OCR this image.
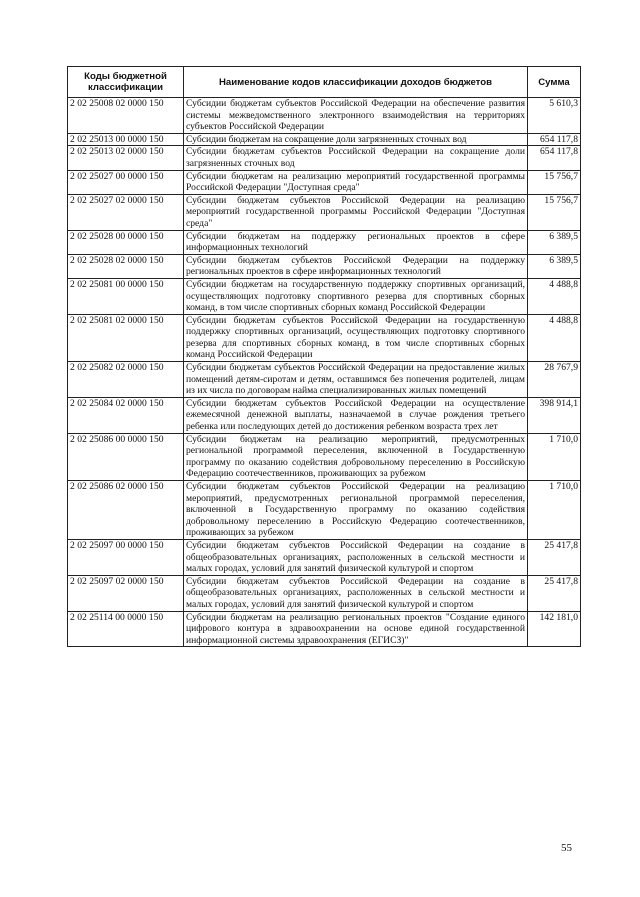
Коды бюджетной классификации	Наименование кодов классификации доходов бюджетов	Сумма
2 02 25008 02 0000 150	Субсидии бюджетам субъектов Российской Федерации на обеспечение развития системы межведомственного электронного взаимодействия на территориях субъектов Российской Федерации	5 610,3
2 02 25013 00 0000 150	Субсидии бюджетам на сокращение доли загрязненных сточных вод	654 117,8
2 02 25013 02 0000 150	Субсидии бюджетам субъектов Российской Федерации на сокращение доли загрязненных сточных вод	654 117,8
2 02 25027 00 0000 150	Субсидии бюджетам на реализацию мероприятий государственной программы Российской Федерации "Доступная среда"	15 756,7
2 02 25027 02 0000 150	Субсидии бюджетам субъектов Российской Федерации на реализацию мероприятий государственной программы Российской Федерации "Доступная среда"	15 756,7
2 02 25028 00 0000 150	Субсидии бюджетам на поддержку региональных проектов в сфере информационных технологий	6 389,5
2 02 25028 02 0000 150	Субсидии бюджетам субъектов Российской Федерации на поддержку региональных проектов в сфере информационных технологий	6 389,5
2 02 25081 00 0000 150	Субсидии бюджетам на государственную поддержку спортивных организаций, осуществляющих подготовку спортивного резерва для спортивных сборных команд, в том числе спортивных сборных команд Российской Федерации	4 488,8
2 02 25081 02 0000 150	Субсидии бюджетам субъектов Российской Федерации на государственную поддержку спортивных организаций, осуществляющих подготовку спортивного резерва для спортивных сборных команд, в том числе спортивных сборных команд Российской Федерации	4 488,8
2 02 25082 02 0000 150	Субсидии бюджетам субъектов Российской Федерации на предоставление жилых помещений детям-сиротам и детям, оставшимся без попечения родителей, лицам из их числа по договорам найма специализированных жилых помещений	28 767,9
2 02 25084 02 0000 150	Субсидии бюджетам субъектов Российской Федерации на осуществление ежемесячной денежной выплаты, назначаемой в случае рождения третьего ребенка или последующих детей до достижения ребенком возраста трех лет	398 914,1
2 02 25086 00 0000 150	Субсидии бюджетам на реализацию мероприятий, предусмотренных региональной программой переселения, включенной в Государственную программу по оказанию содействия добровольному переселению в Российскую Федерацию соотечественников, проживающих за рубежом	1 710,0
2 02 25086 02 0000 150	Субсидии бюджетам субъектов Российской Федерации на реализацию мероприятий, предусмотренных региональной программой переселения, включенной в Государственную программу по оказанию содействия добровольному переселению в Российскую Федерацию соотечественников, проживающих за рубежом	1 710,0
2 02 25097 00 0000 150	Субсидии бюджетам субъектов Российской Федерации на создание в общеобразовательных организациях, расположенных в сельской местности и малых городах, условий для занятий физической культурой и спортом	25 417,8
2 02 25097 02 0000 150	Субсидии бюджетам субъектов Российской Федерации на создание в общеобразовательных организациях, расположенных в сельской местности и малых городах, условий для занятий физической культурой и спортом	25 417,8
2 02 25114 00 0000 150	Субсидии бюджетам на реализацию региональных проектов "Создание единого цифрового контура в здравоохранении на основе единой государственной информационной системы здравоохранения (ЕГИСЗ)"	142 181,0
55
